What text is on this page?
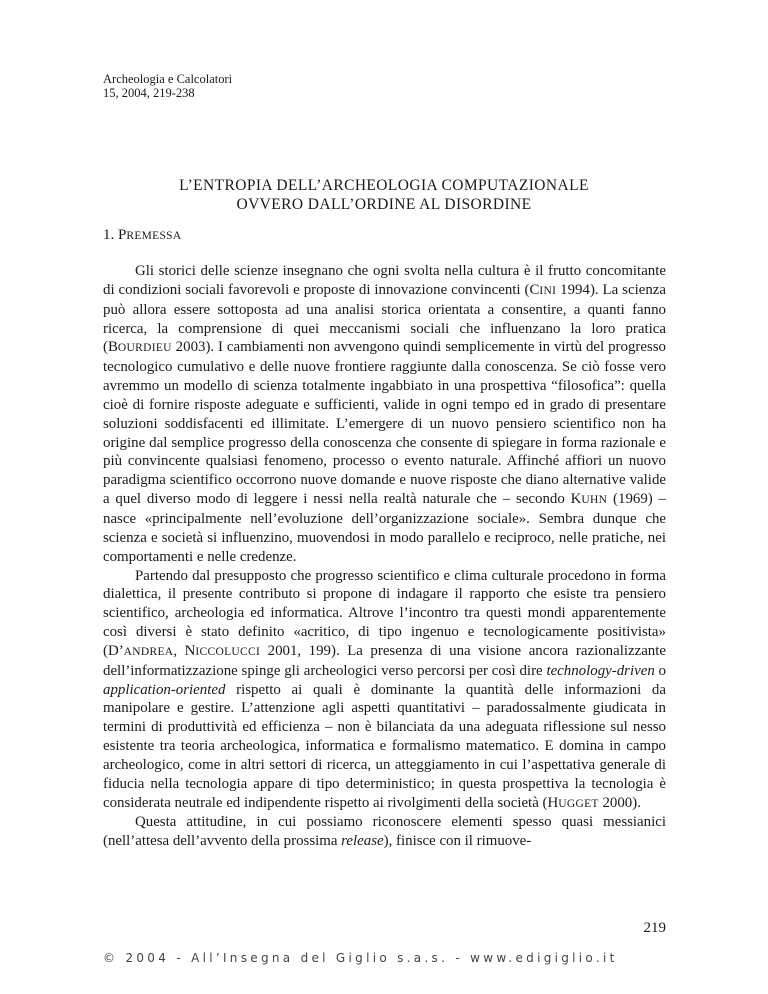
Archeologia e Calcolatori
15, 2004, 219-238
L’ENTROPIA DELL’ARCHEOLOGIA COMPUTAZIONALE
OVVERO DALL’ORDINE AL DISORDINE
1. PREMESSA

Gli storici delle scienze insegnano che ogni svolta nella cultura è il frutto concomitante di condizioni sociali favorevoli e proposte di innovazione convincenti (CINI 1994). La scienza può allora essere sottoposta ad una analisi storica orientata a consentire, a quanti fanno ricerca, la comprensione di quei meccanismi sociali che influenzano la loro pratica (BOURDIEU 2003). I cambiamenti non avvengono quindi semplicemente in virtù del progresso tecnologico cumulativo e delle nuove frontiere raggiunte dalla conoscenza. Se ciò fosse vero avremmo un modello di scienza totalmente ingabbiato in una prospettiva “filosofica”: quella cioè di fornire risposte adeguate e sufficienti, valide in ogni tempo ed in grado di presentare soluzioni soddisfacenti ed illimitate. L’emergere di un nuovo pensiero scientifico non ha origine dal semplice progresso della conoscenza che consente di spiegare in forma razionale e più convincente qualsiasi fenomeno, processo o evento naturale. Affinché affiori un nuovo paradigma scientifico occorrono nuove domande e nuove risposte che diano alternative valide a quel diverso modo di leggere i nessi nella realtà naturale che – secondo KUHN (1969) – nasce «principalmente nell’evoluzione dell’organizzazione sociale». Sembra dunque che scienza e società si influenzino, muovendosi in modo parallelo e reciproco, nelle pratiche, nei comportamenti e nelle credenze.

Partendo dal presupposto che progresso scientifico e clima culturale procedono in forma dialettica, il presente contributo si propone di indagare il rapporto che esiste tra pensiero scientifico, archeologia ed informatica. Altrove l’incontro tra questi mondi apparentemente così diversi è stato definito «acritico, di tipo ingenuo e tecnologicamente positivista» (D’ANDREA, NICCOLUCCI 2001, 199). La presenza di una visione ancora razionalizzante dell’informatizzazione spinge gli archeologici verso percorsi per così dire technology-driven o application-oriented rispetto ai quali è dominante la quantità delle informazioni da manipolare e gestire. L’attenzione agli aspetti quantitativi – paradossalmente giudicata in termini di produttività ed efficienza – non è bilanciata da una adeguata riflessione sul nesso esistente tra teoria archeologica, informatica e formalismo matematico. E domina in campo archeologico, come in altri settori di ricerca, un atteggiamento in cui l’aspettativa generale di fiducia nella tecnologia appare di tipo deterministico; in questa prospettiva la tecnologia è considerata neutrale ed indipendente rispetto ai rivolgimenti della società (HUGGET 2000).

Questa attitudine, in cui possiamo riconoscere elementi spesso quasi messianici (nell’attesa dell’avvento della prossima release), finisce con il rimuove-

219
© 2004 - All’Insegna del Giglio s.a.s. - www.edigiglio.it
